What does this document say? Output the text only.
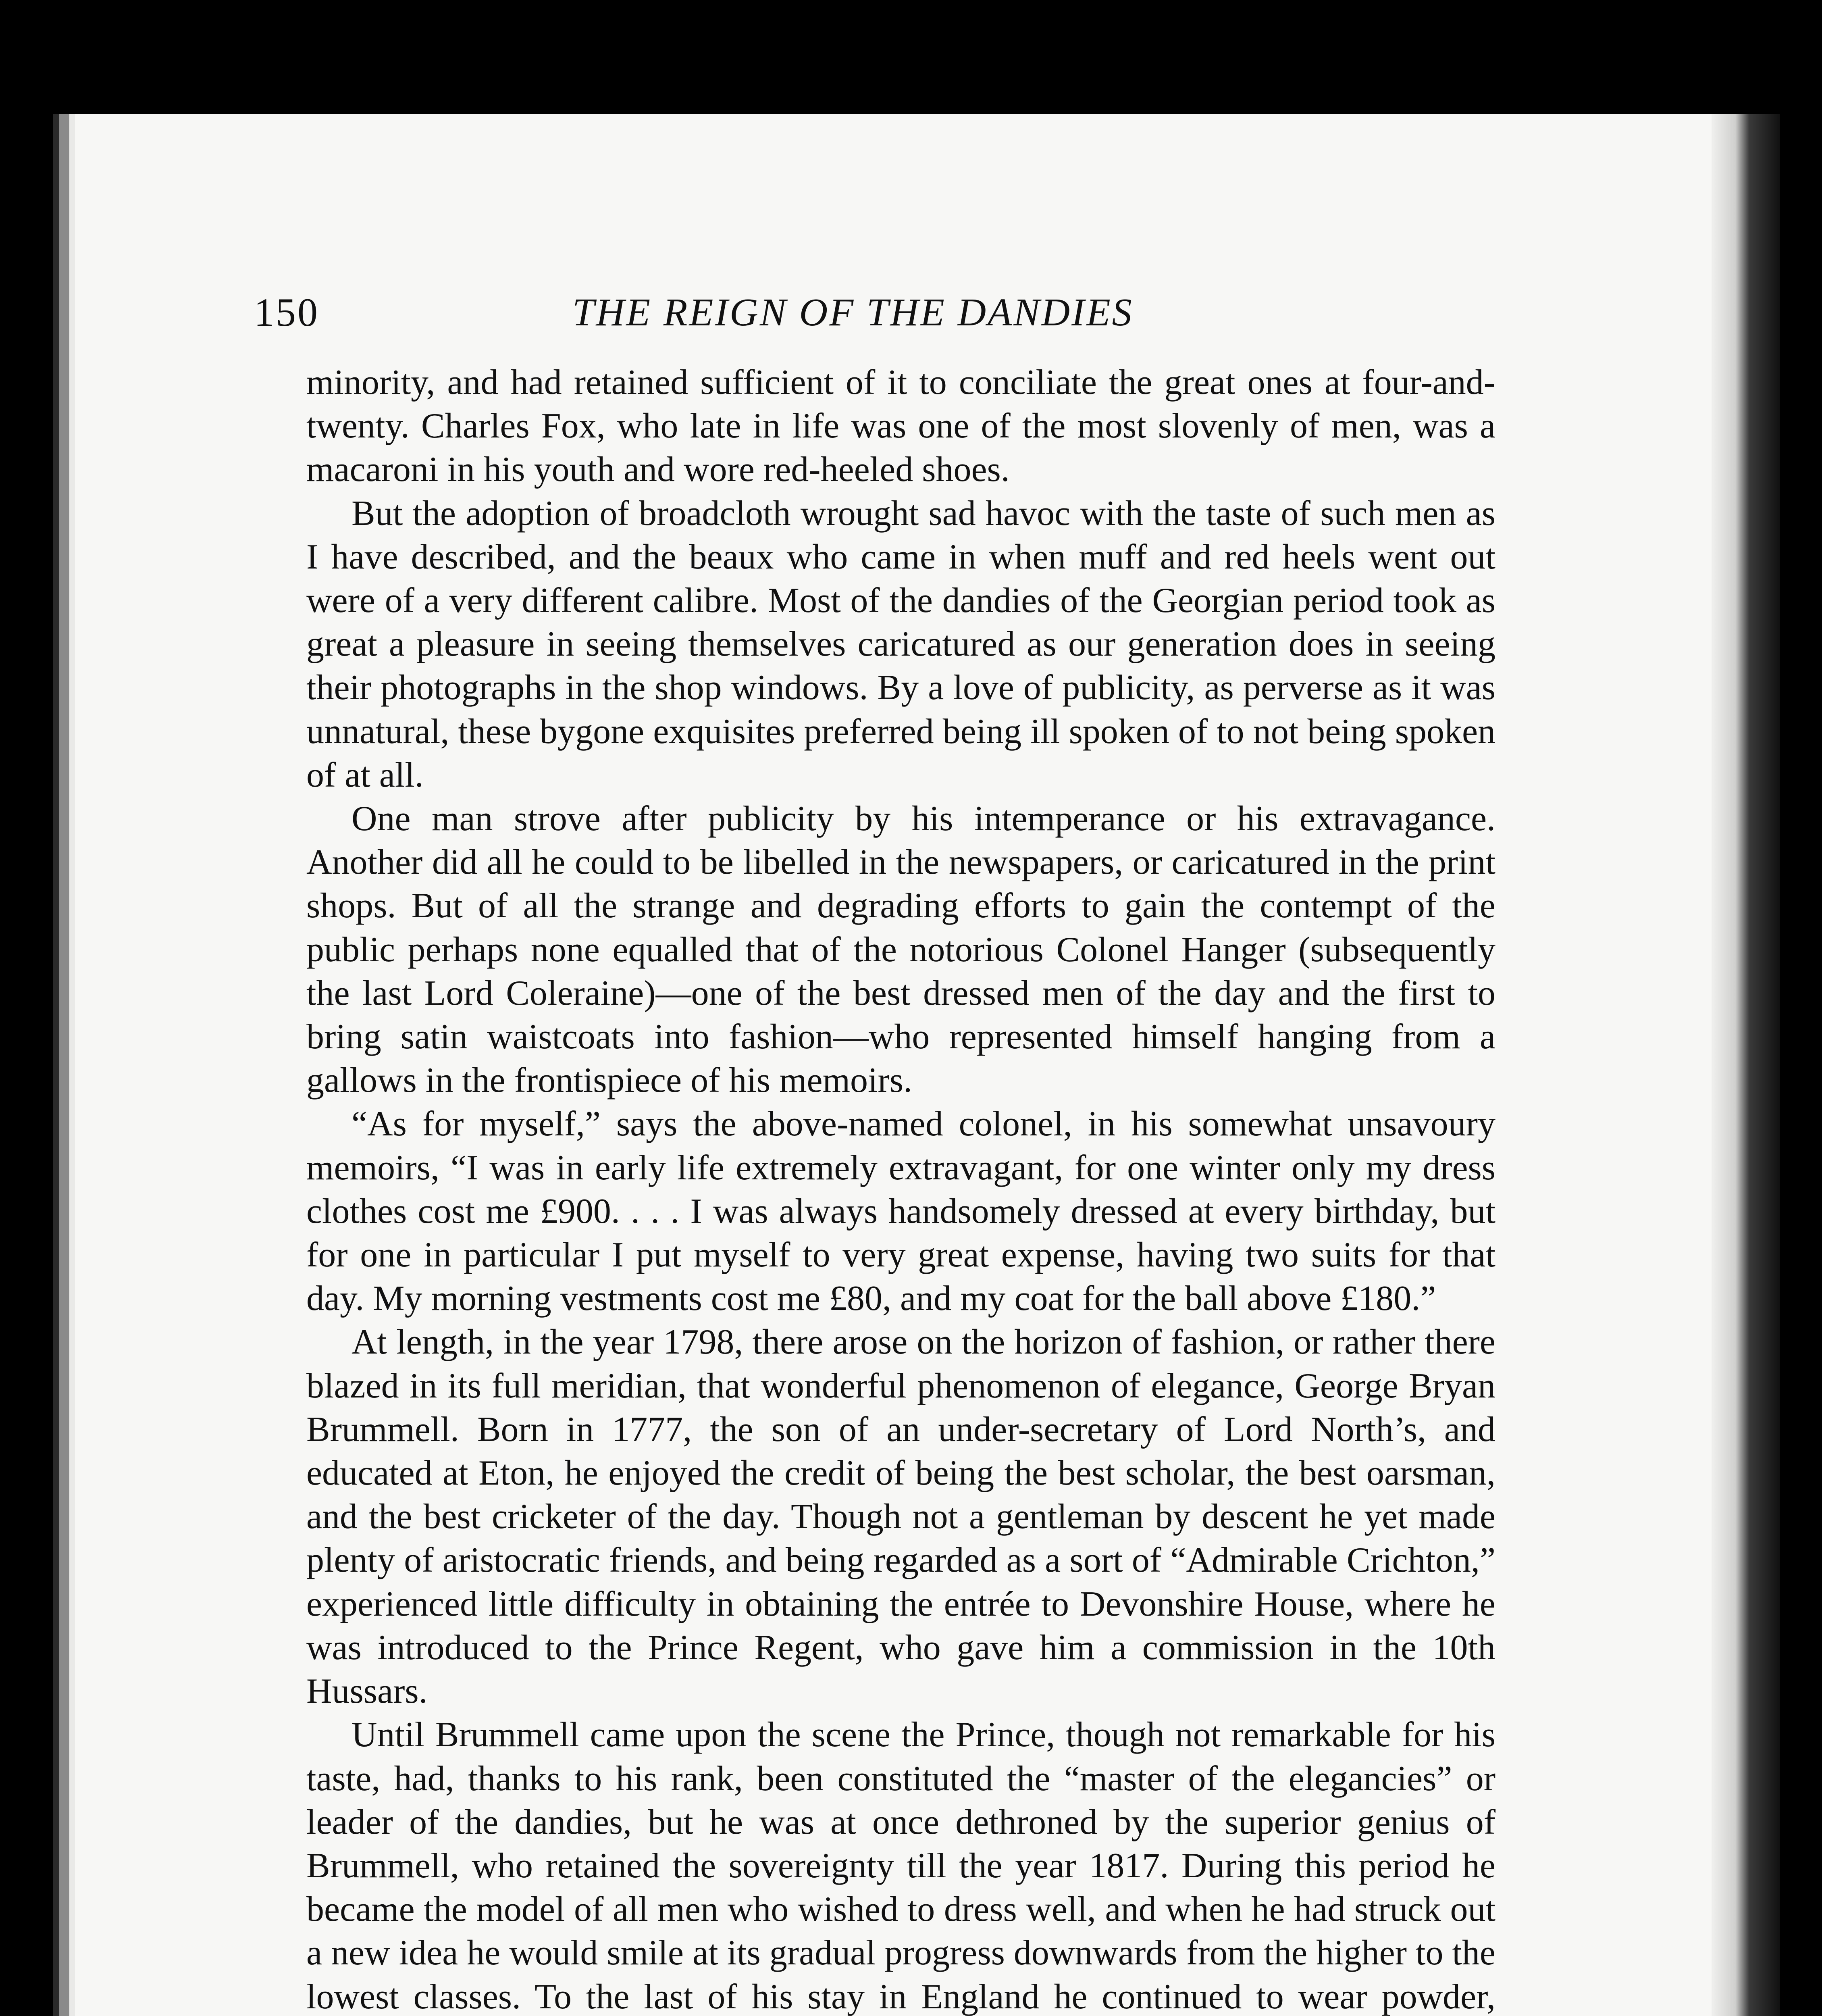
150	THE REIGN OF THE DANDIES

minority, and had retained sufficient of it to conciliate the great ones at four-and-twenty. Charles Fox, who late in life was one of the most slovenly of men, was a macaroni in his youth and wore red-heeled shoes.

But the adoption of broadcloth wrought sad havoc with the taste of such men as I have described, and the beaux who came in when muff and red heels went out were of a very different calibre. Most of the dandies of the Georgian period took as great a pleasure in seeing themselves caricatured as our generation does in seeing their photographs in the shop windows. By a love of publicity, as perverse as it was unnatural, these bygone exquisites preferred being ill spoken of to not being spoken of at all.

One man strove after publicity by his intemperance or his extravagance. Another did all he could to be libelled in the newspapers, or caricatured in the print shops. But of all the strange and degrading efforts to gain the contempt of the public perhaps none equalled that of the notorious Colonel Hanger (subsequently the last Lord Coleraine)—one of the best dressed men of the day and the first to bring satin waistcoats into fashion—who represented himself hanging from a gallows in the frontispiece of his memoirs.

“As for myself,” says the above-named colonel, in his somewhat unsavoury memoirs, “I was in early life extremely extravagant, for one winter only my dress clothes cost me £900. . . . I was always handsomely dressed at every birthday, but for one in particular I put myself to very great expense, having two suits for that day. My morning vestments cost me £80, and my coat for the ball above £180.”

At length, in the year 1798, there arose on the horizon of fashion, or rather there blazed in its full meridian, that wonderful phenomenon of elegance, George Bryan Brummell. Born in 1777, the son of an under-secretary of Lord North’s, and educated at Eton, he enjoyed the credit of being the best scholar, the best oarsman, and the best cricketer of the day. Though not a gentleman by descent he yet made plenty of aristocratic friends, and being regarded as a sort of “Admirable Crichton,” experienced little difficulty in obtaining the entrée to Devonshire House, where he was introduced to the Prince Regent, who gave him a commission in the 10th Hussars.

Until Brummell came upon the scene the Prince, though not remarkable for his taste, had, thanks to his rank, been constituted the “master of the elegancies” or leader of the dandies, but he was at once dethroned by the superior genius of Brummell, who retained the sovereignty till the year 1817. During this period he became the model of all men who wished to dress well, and when he had struck out a new idea he would smile at its gradual progress downwards from the higher to the lowest classes. To the last of his stay in England he continued to wear powder,
